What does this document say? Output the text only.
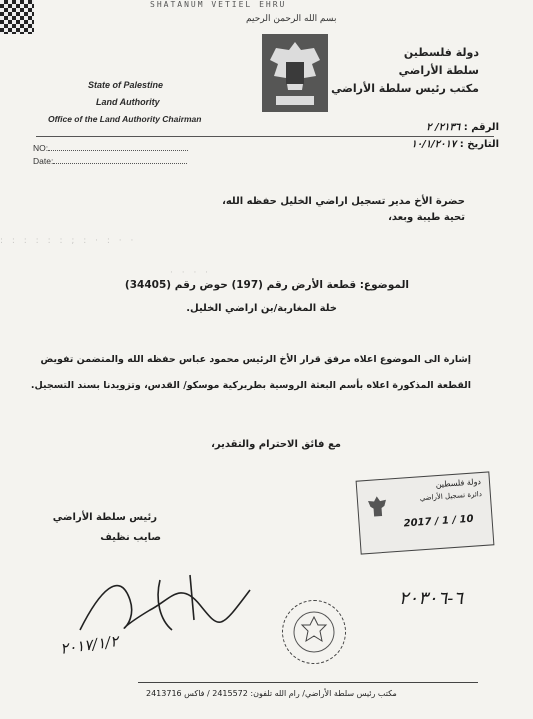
SHATANUM VETIEL EHRU
بسم الله الرحمن الرحيم
State of Palestine
Land Authority
Office of the Land Authority Chairman
دولة فلسطين
سلطة الأراضي
مكتب رئيس سلطة الأراضي
NO:
Date:
الرقم : ٢١٣٦/ ٢
التاريخ : ١٠/١/٢٠١٧
حضرة الأخ مدير تسجيل اراضي الخليل حفظه الله،
تحية طيبة وبعد،
: : : : : : ; : · : · ·
· · · ·
الموضوع: قطعة الأرض رقم (197) حوض رقم (34405)
خلة المغاربة/بن اراضي الخليل.
إشارة الى الموضوع اعلاه مرفق قرار الأخ الرئيس محمود عباس حفظه الله والمتضمن تفويض
القطعة المذكورة اعلاه بأسم البعثة الروسية بطريركية موسكو/ القدس، وتزويدنا بسند التسجيل.
مع فائق الاحترام والتقدير،
دولة فلسطين
دائرة تسجيل الأراضي
2017 / 1 / 10
رئيس سلطة الأراضي
صايب نظيف
٦-٢٠٣٠٦
٢٠١٧/١/٢
مكتب رئيس سلطة الأراضي/ رام الله تلفون: 2415572 / فاكس 2413716
